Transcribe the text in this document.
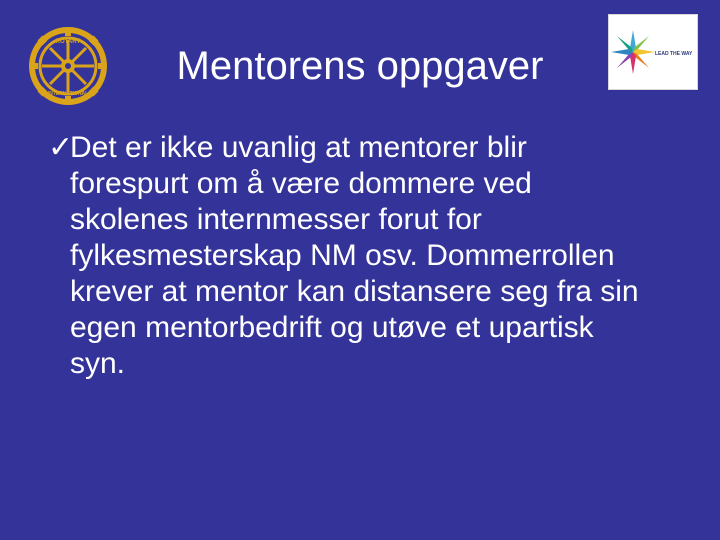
ROTARY
INTERNATIONAL
LEAD THE WAY
Mentorens oppgaver
✓
Det er ikke uvanlig at mentorer blir
forespurt om å være dommere ved
skolenes internmesser forut for
fylkesmesterskap NM osv. Dommerrollen
krever at mentor kan distansere seg fra sin
egen mentorbedrift og utøve et upartisk
syn.
